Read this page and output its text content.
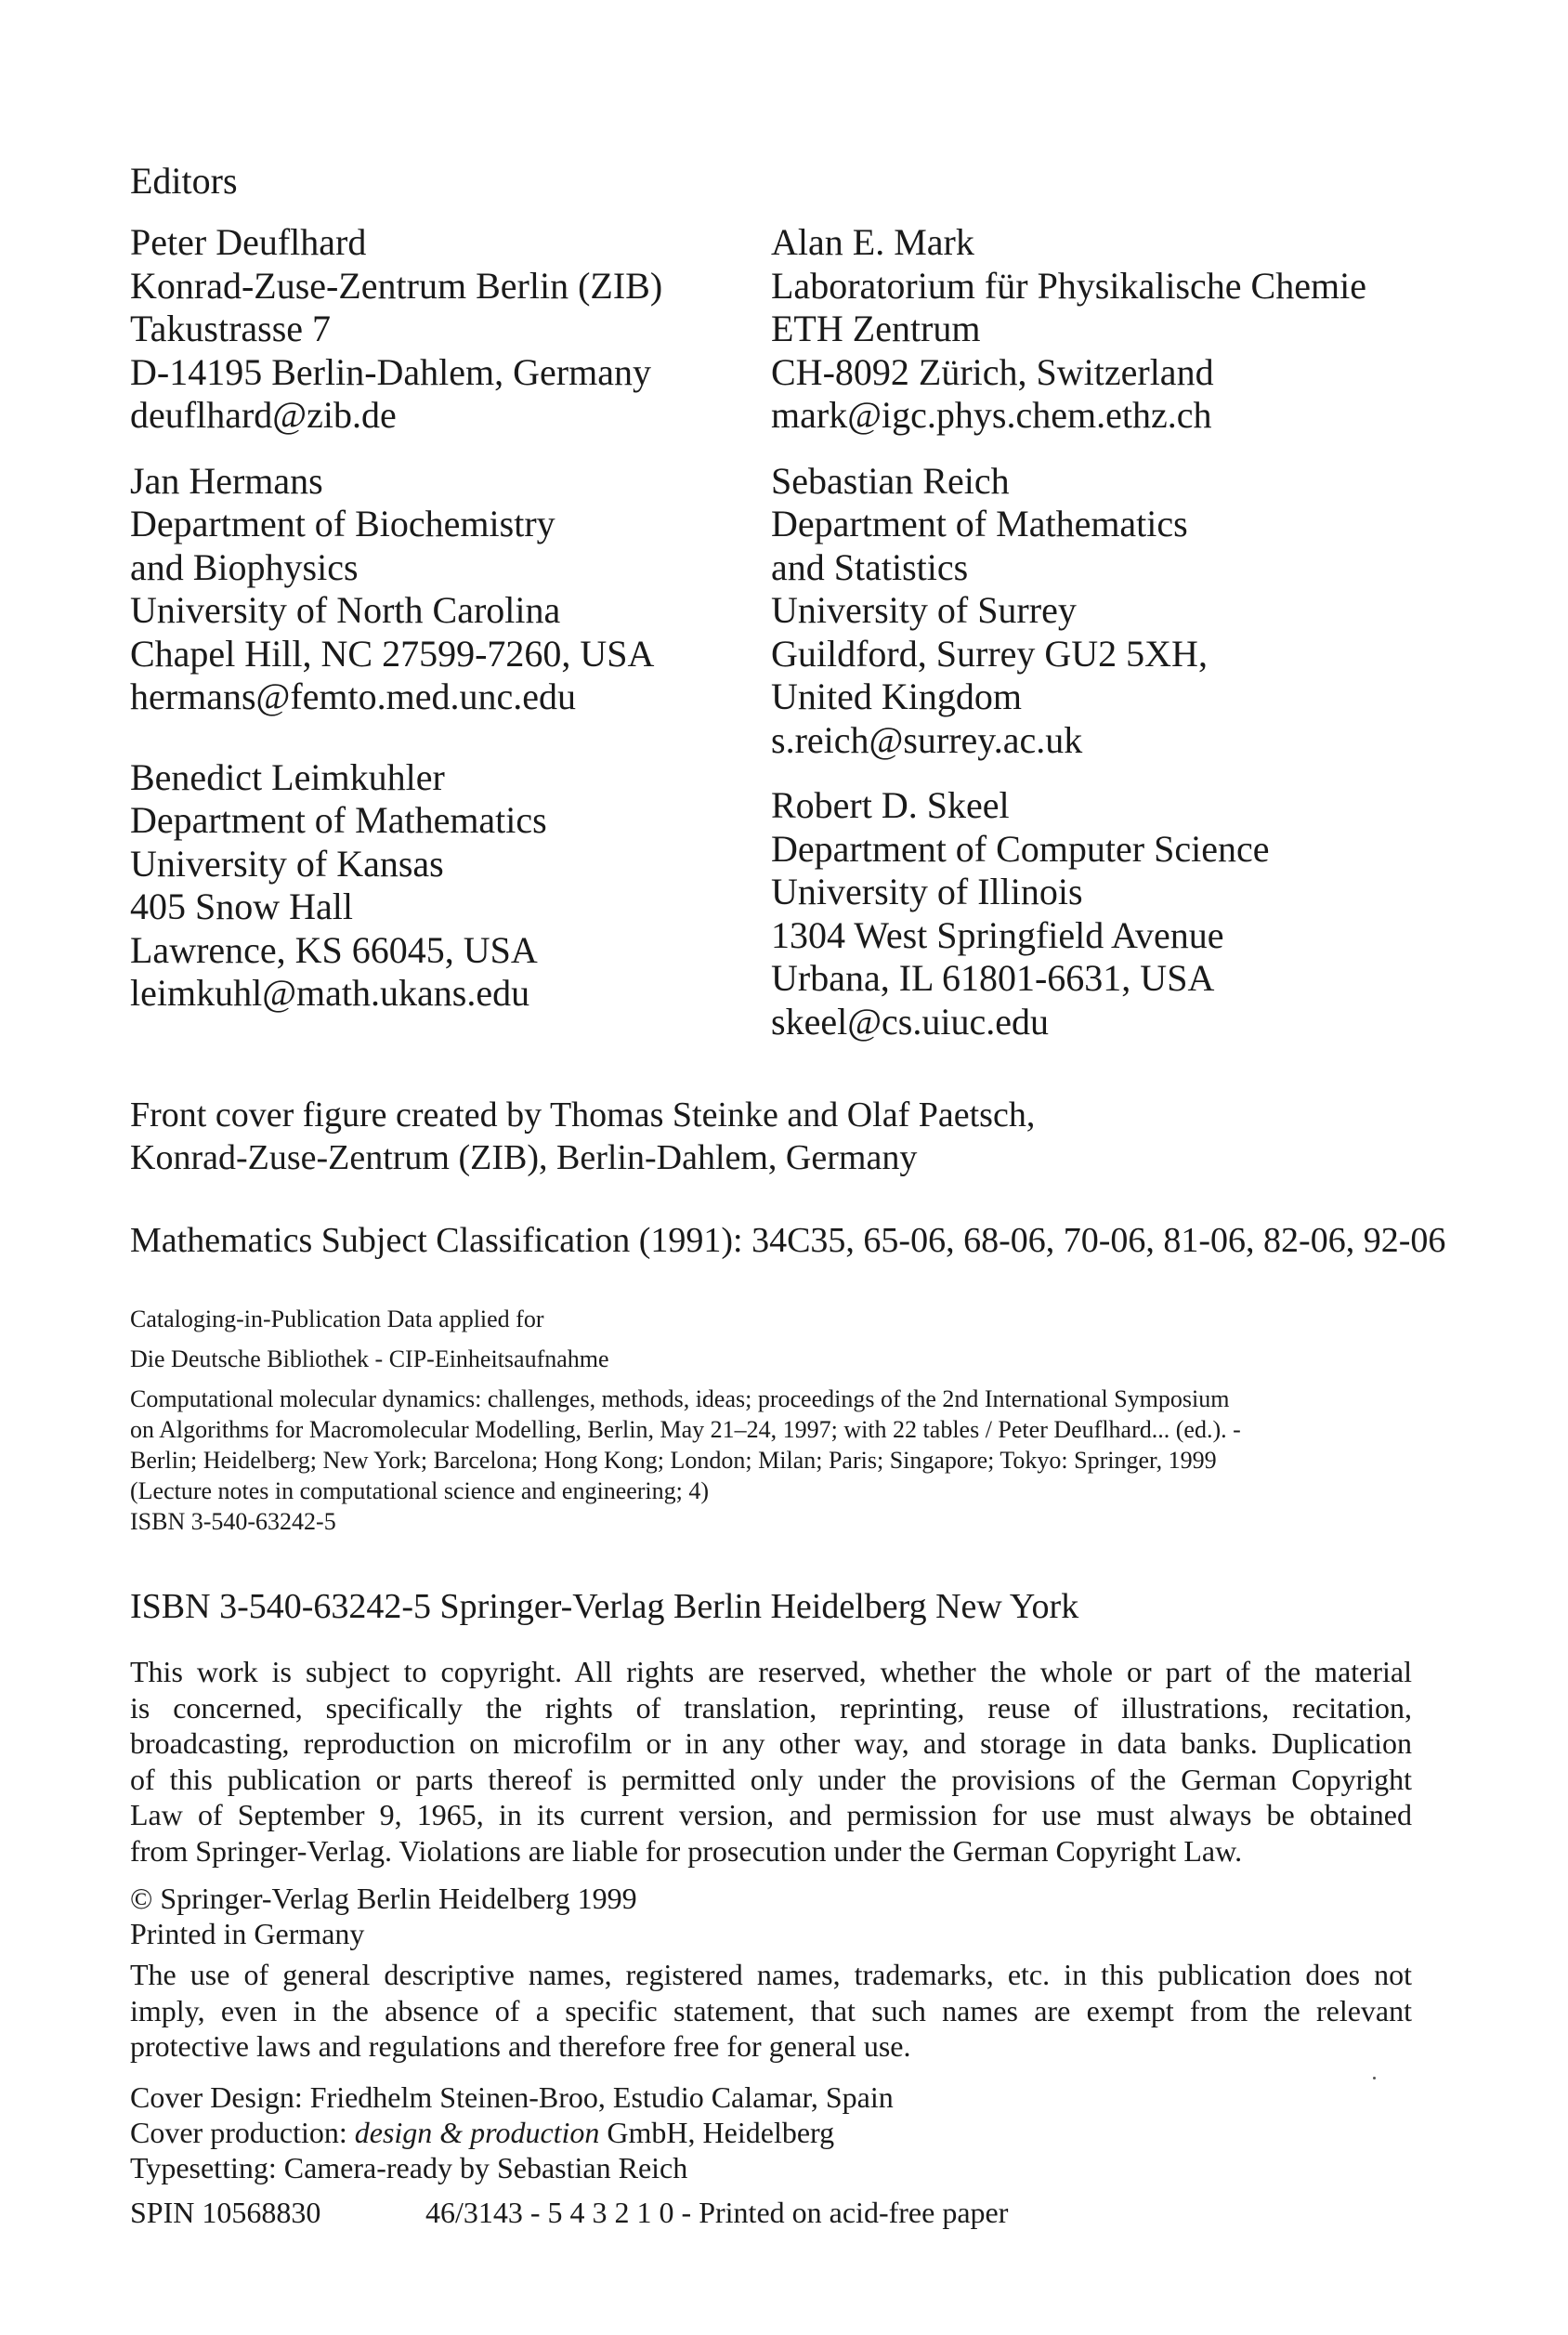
Editors
Peter Deuflhard
Konrad-Zuse-Zentrum Berlin (ZIB)
Takustrasse 7
D-14195 Berlin-Dahlem, Germany
deuflhard@zib.de
Jan Hermans
Department of Biochemistry
and Biophysics
University of North Carolina
Chapel Hill, NC 27599-7260, USA
hermans@femto.med.unc.edu
Benedict Leimkuhler
Department of Mathematics
University of Kansas
405 Snow Hall
Lawrence, KS 66045, USA
leimkuhl@math.ukans.edu
Alan E. Mark
Laboratorium für Physikalische Chemie
ETH Zentrum
CH-8092 Zürich, Switzerland
mark@igc.phys.chem.ethz.ch
Sebastian Reich
Department of Mathematics
and Statistics
University of Surrey
Guildford, Surrey GU2 5XH,
United Kingdom
s.reich@surrey.ac.uk
Robert D. Skeel
Department of Computer Science
University of Illinois
1304 West Springfield Avenue
Urbana, IL 61801-6631, USA
skeel@cs.uiuc.edu
Front cover figure created by Thomas Steinke and Olaf Paetsch,
Konrad-Zuse-Zentrum (ZIB), Berlin-Dahlem, Germany
Mathematics Subject Classification (1991): 34C35, 65-06, 68-06, 70-06, 81-06, 82-06, 92-06

Cataloging-in-Publication Data applied for

Die Deutsche Bibliothek - CIP-Einheitsaufnahme

Computational molecular dynamics: challenges, methods, ideas; proceedings of the 2nd International Symposium
on Algorithms for Macromolecular Modelling, Berlin, May 21–24, 1997; with 22 tables / Peter Deuflhard... (ed.). -
Berlin; Heidelberg; New York; Barcelona; Hong Kong; London; Milan; Paris; Singapore; Tokyo: Springer, 1999
(Lecture notes in computational science and engineering; 4)
ISBN 3-540-63242-5
ISBN 3-540-63242-5 Springer-Verlag Berlin Heidelberg New York
This work is subject to copyright. All rights are reserved, whether the whole or part of the material
is concerned, specifically the rights of translation, reprinting, reuse of illustrations, recitation,
broadcasting, reproduction on microfilm or in any other way, and storage in data banks. Duplication
of this publication or parts thereof is permitted only under the provisions of the German Copyright
Law of September 9, 1965, in its current version, and permission for use must always be obtained
from Springer-Verlag. Violations are liable for prosecution under the German Copyright Law.
© Springer-Verlag Berlin Heidelberg 1999
Printed in Germany
The use of general descriptive names, registered names, trademarks, etc. in this publication does not
imply, even in the absence of a specific statement, that such names are exempt from the relevant
protective laws and regulations and therefore free for general use.
Cover Design: Friedhelm Steinen-Broo, Estudio Calamar, Spain
Cover production: design & production GmbH, Heidelberg
Typesetting: Camera-ready by Sebastian Reich
SPIN 10568830	46/3143 - 5 4 3 2 1 0 - Printed on acid-free paper
